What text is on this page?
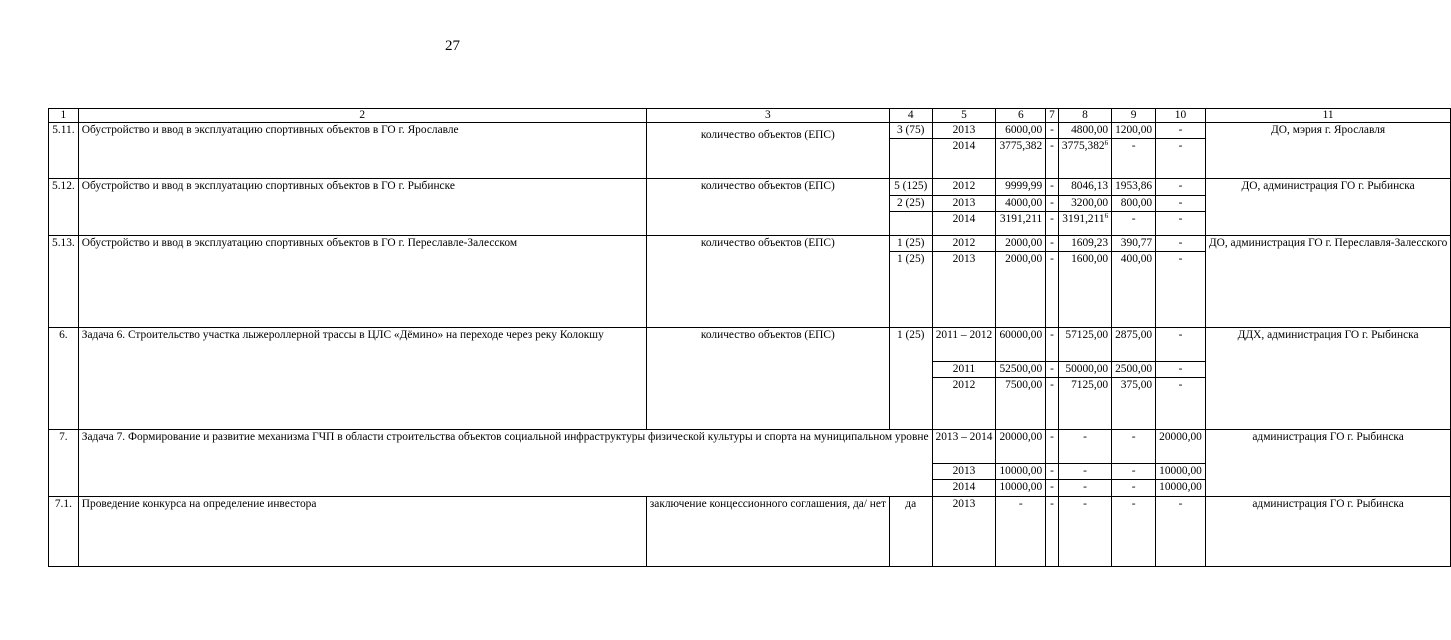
27
1	2	3	4	5	6	7	8	9	10	11
5.11.	Обустройство и ввод в эксплуатацию спортивных объектов в ГО г. Ярославле	количество объектов (ЕПС)	3 (75)	2013	6000,00	-	4800,00	1200,00	-	ДО, мэрия г. Ярославля
				2014	3775,382	-	3775,382$^6$	-	-	
5.12.	Обустройство и ввод в эксплуатацию спортивных объектов в ГО г. Рыбинске	количество объектов (ЕПС)	5 (125)	2012	9999,99	-	8046,13	1953,86	-	ДО, администрация ГО г. Рыбинска
			2 (25)	2013	4000,00	-	3200,00	800,00	-	
				2014	3191,211	-	3191,211$^6$	-	-	
5.13.	Обустройство и ввод в эксплуатацию спортивных объектов в ГО г. Переславле-Залесском	количество объектов (ЕПС)	1 (25)	2012	2000,00	-	1609,23	390,77	-	ДО, администрация ГО г. Переславля-Залесского
			1 (25)	2013	2000,00	-	1600,00	400,00	-	
6.	Задача 6. Строительство участка лыжероллерной трассы в ЦЛС «Дёмино» на переходе через реку Колокшу	количество объектов (ЕПС)	1 (25)	2011 – 2012	60000,00	-	57125,00	2875,00	-	ДДХ, администрация ГО г. Рыбинска
				2011	52500,00	-	50000,00	2500,00	-	
				2012	7500,00	-	7125,00	375,00	-	
7.	Задача 7. Формирование и развитие механизма ГЧП в области строительства объектов социальной инфраструктуры физической культуры и спорта на муниципальном уровне			2013 – 2014	20000,00	-	-	-	20000,00	администрация ГО г. Рыбинска
				2013	10000,00	-	-	-	10000,00	
				2014	10000,00	-	-	-	10000,00	
7.1.	Проведение конкурса на определение инвестора	заключение концессионного соглашения, да/ нет	да	2013	-	-	-	-	-	администрация ГО г. Рыбинска
